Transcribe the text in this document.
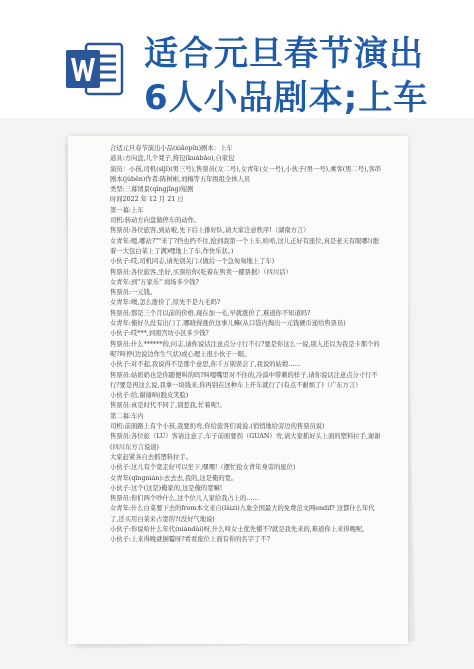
适合元旦春节演出
6人小品剧本;上车

合适元旦春节演出小品(xiǎopǐn)剧本：上车

道具:方向盘,几个凳子,挎包(kuàbāo),自家包

演员：小孩,司机(sījī)(男三号),售票员(女二号),女青年(女一号),小伙子(男一号),乘客(男二号),客串

剧本(jùběn)作者:陈树彬,刘梅等五年级组全体人员

类型:三幕情景(qíngjǐng)短剧

时间2022 年 12 月 21 日

第一幕:上车

司机:转动方向盘做停车的动作。

售票员:各位旅客,到站啦,先下后上排好队,请大家注意秩序!（湖南方言）

女青年:嗯,哪站?""来了?挡也挡不住,抢到我第一个上车,哈哈,这儿正好有座位,真是老天有眼哪!(抱着一大包白菜上了满)哩地上了车,作快乐状。)

小伙子:哎,司机同志,请先别关门.(做后一个急匆匆地上了车)

售票员:各位旅客,坐好,买票给你(吃着在售卖一摞票据）（四川话）

女青年:到"万家乐" 商场多少钱?

售票员:一元钱。

女青年:噢,怎么涨价了,原先不是九毛吗?

售票员:那是三个月以前的价格,现在加一毛,早就涨价了,难道你不知道吗?

女青年:俺好久没有出门了,哪晓得涨价这事儿嘛(从口袋内掏出一元钱硬币递给售票员)

小伙子:哎***,到南宫坊小区多少钱?

售票员:什么******的,问志,请你说话注意点分寸行不行?要是你这么一说,别人还以为我是卡那个的呢?叫停(边说边作生气状)或心理上很小伙子一眼。

小伙子:对不起,我说得不是那个意思,你千万别误会了,我说的姑娘……

售票员:姑奶奶也是你随便叫的吗?叫嗯嘴里对不住的,冷漠中带刺的样子,请你说话注意点分寸行不行?要是再这么说,我拿一块钱来,你再别在这种车上开车就行了(有点不耐烦了)（广东方言）

小伙子:给,谢谢呐(脱皮笑脸)

售票员:真是时代不同了,别惹我,忙着呢!。

第二幕:车内

司机:前面路上有个小孩,我要扔弯,你给旅客们说说.(悄悄地给旁边的售票员说)

售票员:各位旅（LU）客请注意了,车子前面要拐（GUAN）弯,请大家抓好头上面的塑料拉手,谢谢(四川东方言说道)

大家赶紧各自去抓塑料拉手。

小伙子:这儿有个宽走好可以坐下,嘿嘿!（摆忙抢女青年身旁的座位)

女青年(qīngnián):去去去,我的,这是俺的宽。

小伙子:这个(这是)俺家的,这是俺的宽嘛!

售票员:你们两个吵什么,这个位儿人家给我占上的……

女青年:什么白菜要下去的from本文来自(láizì)九象全国最大的免费范文网endif? 这都什么年代了,还买用白菜来占宽的?(没好气地说)

小伙子:你说哈什么年代(niándài)呀,什么叫女士优先懂不?就是我先来的,难道你上来得晚呢。

小伙子:上来得晚就倒霉呀?看看座位上面有你的名字了不?
